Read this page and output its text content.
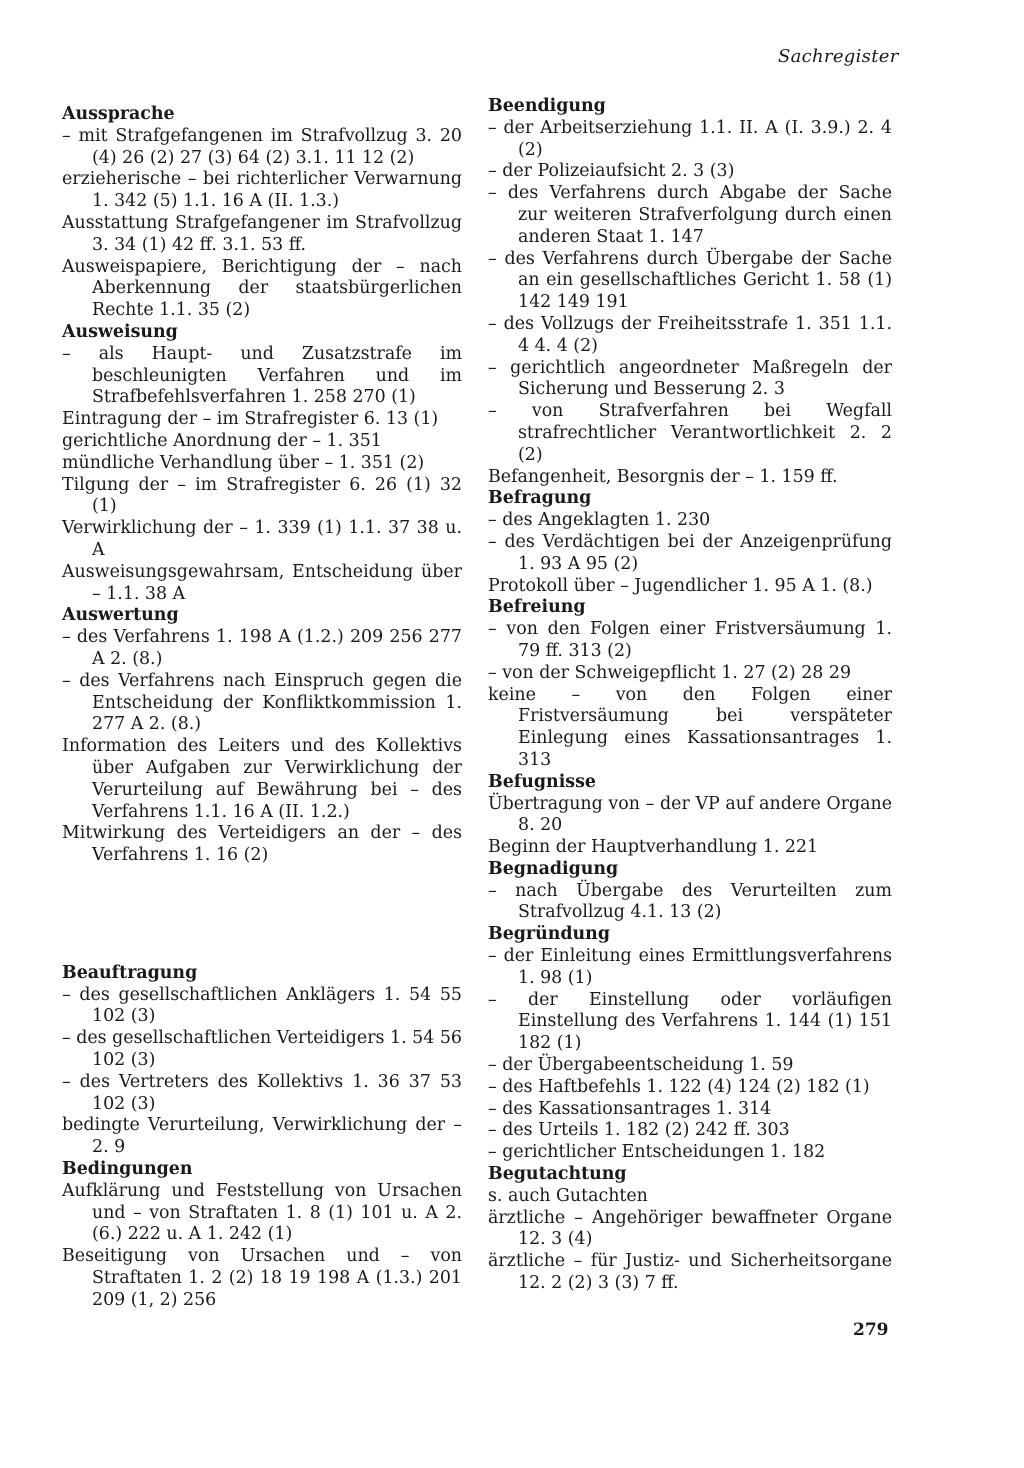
Sachregister
Aussprache
– mit Strafgefangenen im Strafvollzug 3. 20 (4) 26 (2) 27 (3) 64 (2) 3.1. 11 12 (2)
erzieherische – bei richterlicher Verwarnung 1. 342 (5) 1.1. 16 A (II. 1.3.)
Ausstattung Strafgefangener im Strafvollzug 3. 34 (1) 42 ff. 3.1. 53 ff.
Ausweispapiere, Berichtigung der – nach Aberkennung der staatsbürgerlichen Rechte 1.1. 35 (2)
Ausweisung
– als Haupt- und Zusatzstrafe im beschleunigten Verfahren und im Strafbefehlsverfahren 1. 258 270 (1)
Eintragung der – im Strafregister 6. 13 (1)
gerichtliche Anordnung der – 1. 351
mündliche Verhandlung über – 1. 351 (2)
Tilgung der – im Strafregister 6. 26 (1) 32 (1)
Verwirklichung der – 1. 339 (1) 1.1. 37 38 u. A
Ausweisungsgewahrsam, Entscheidung über – 1.1. 38 A
Auswertung
– des Verfahrens 1. 198 A (1.2.) 209 256 277 A 2. (8.)
– des Verfahrens nach Einspruch gegen die Entscheidung der Konfliktkommission 1. 277 A 2. (8.)
Information des Leiters und des Kollektivs über Aufgaben zur Verwirklichung der Verurteilung auf Bewährung bei – des Verfahrens 1.1. 16 A (II. 1.2.)
Mitwirkung des Verteidigers an der – des Verfahrens 1. 16 (2)
Beauftragung
– des gesellschaftlichen Anklägers 1. 54 55 102 (3)
– des gesellschaftlichen Verteidigers 1. 54 56 102 (3)
– des Vertreters des Kollektivs 1. 36 37 53 102 (3)
bedingte Verurteilung, Verwirklichung der – 2. 9
Bedingungen
Aufklärung und Feststellung von Ursachen und – von Straftaten 1. 8 (1) 101 u. A 2. (6.) 222 u. A 1. 242 (1)
Beseitigung von Ursachen und – von Straftaten 1. 2 (2) 18 19 198 A (1.3.) 201 209 (1, 2) 256
Beendigung
– der Arbeitserziehung 1.1. II. A (I. 3.9.) 2. 4 (2)
– der Polizeiaufsicht 2. 3 (3)
– des Verfahrens durch Abgabe der Sache zur weiteren Strafverfolgung durch einen anderen Staat 1. 147
– des Verfahrens durch Übergabe der Sache an ein gesellschaftliches Gericht 1. 58 (1) 142 149 191
– des Vollzugs der Freiheitsstrafe 1. 351 1.1. 4 4. 4 (2)
– gerichtlich angeordneter Maßregeln der Sicherung und Besserung 2. 3
– von Strafverfahren bei Wegfall strafrechtlicher Verantwortlichkeit 2. 2 (2)
Befangenheit, Besorgnis der – 1. 159 ff.
Befragung
– des Angeklagten 1. 230
– des Verdächtigen bei der Anzeigenprüfung 1. 93 A 95 (2)
Protokoll über – Jugendlicher 1. 95 A 1. (8.)
Befreiung
– von den Folgen einer Fristversäumung 1. 79 ff. 313 (2)
– von der Schweigepflicht 1. 27 (2) 28 29
keine – von den Folgen einer Fristversäumung bei verspäteter Einlegung eines Kassationsantrages 1. 313
Befugnisse
Übertragung von – der VP auf andere Organe 8. 20
Beginn der Hauptverhandlung 1. 221
Begnadigung
– nach Übergabe des Verurteilten zum Strafvollzug 4.1. 13 (2)
Begründung
– der Einleitung eines Ermittlungsverfahrens 1. 98 (1)
– der Einstellung oder vorläufigen Einstellung des Verfahrens 1. 144 (1) 151 182 (1)
– der Übergabeentscheidung 1. 59
– des Haftbefehls 1. 122 (4) 124 (2) 182 (1)
– des Kassationsantrages 1. 314
– des Urteils 1. 182 (2) 242 ff. 303
– gerichtlicher Entscheidungen 1. 182
Begutachtung
s. auch Gutachten
ärztliche – Angehöriger bewaffneter Organe 12. 3 (4)
ärztliche – für Justiz- und Sicherheitsorgane 12. 2 (2) 3 (3) 7 ff.
279
